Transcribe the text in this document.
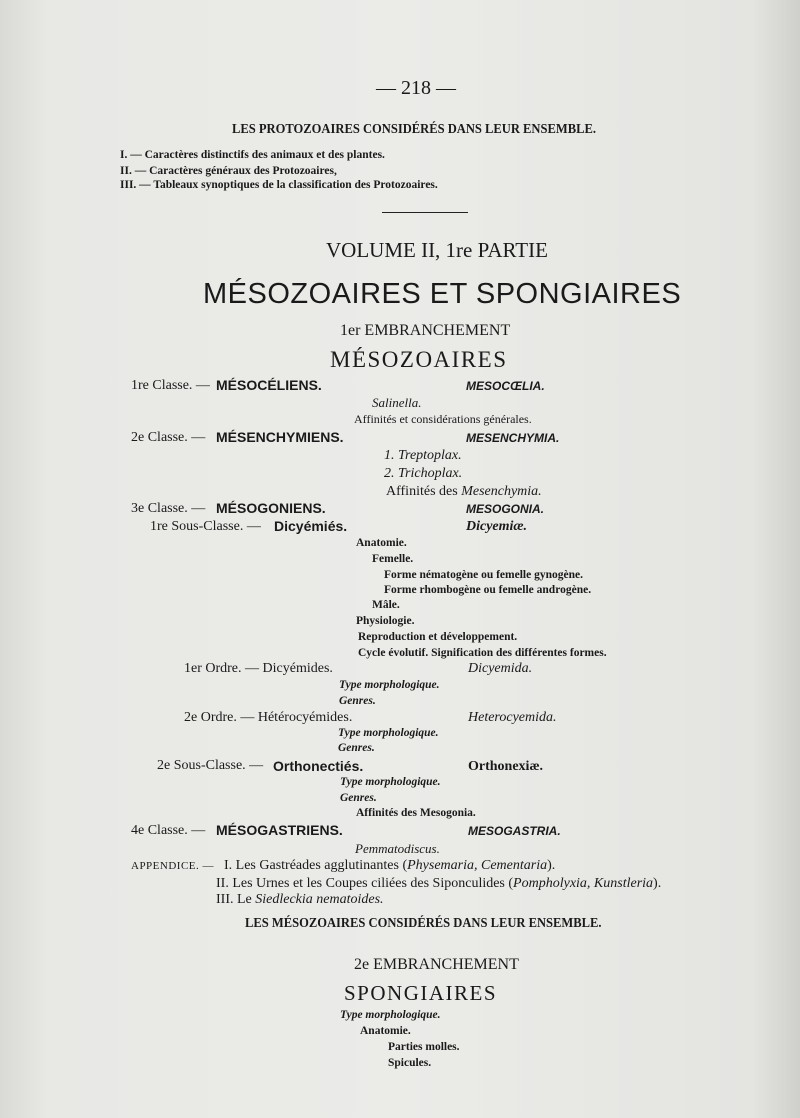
— 218 —
LES PROTOZOAIRES CONSIDÉRÉS DANS LEUR ENSEMBLE.
I. — Caractères distinctifs des animaux et des plantes.
II. — Caractères généraux des Protozoaires,
III. — Tableaux synoptiques de la classification des Protozoaires.
VOLUME II, 1re PARTIE
MÉSOZOAIRES ET SPONGIAIRES
1er EMBRANCHEMENT
MÉSOZOAIRES
1re Classe. — MÉSOCÉLIENS.	MESOCŒLIA.
Salinella.
Affinités et considérations générales.
2e Classe. — MÉSENCHYMIENS.	MESENCHYMIA.
1. Treptoplax.
2. Trichoplax.
Affinités des Mesenchymia.
3e Classe. — MÉSOGONIENS.	MESOGONIA.
1re Sous-Classe. — Dicyémiés.	Dicyemiæ.
Anatomie.
Femelle.
Forme nématogène ou femelle gynogène.
Forme rhombogène ou femelle androgène.
Mâle.
Physiologie.
Reproduction et développement.
Cycle évolutif. Signification des différentes formes.
1er Ordre. — Dicyémides.	Dicyemida.
Type morphologique.
Genres.
2e Ordre. — Hétérocyémides.	Heterocyemida.
Type morphologique.
Genres.
2e Sous-Classe. — Orthonectiés.	Orthonexiæ.
Type morphologique.
Genres.
Affinités des Mesogonia.
4e Classe. — MÉSOGASTRIENS.	MESOGASTRIA.
Pemmatodiscus.
APPENDICE. — I. Les Gastréades agglutinantes (Physemaria, Cementaria).
II. Les Urnes et les Coupes ciliées des Siponculides (Pompholyxia, Kunstleria).
III. Le Siedleckia nematoides.
LES MÉSOZOAIRES CONSIDÉRÉS DANS LEUR ENSEMBLE.
2e EMBRANCHEMENT
SPONGIAIRES
Type morphologique.
Anatomie.
Parties molles.
Spicules.
